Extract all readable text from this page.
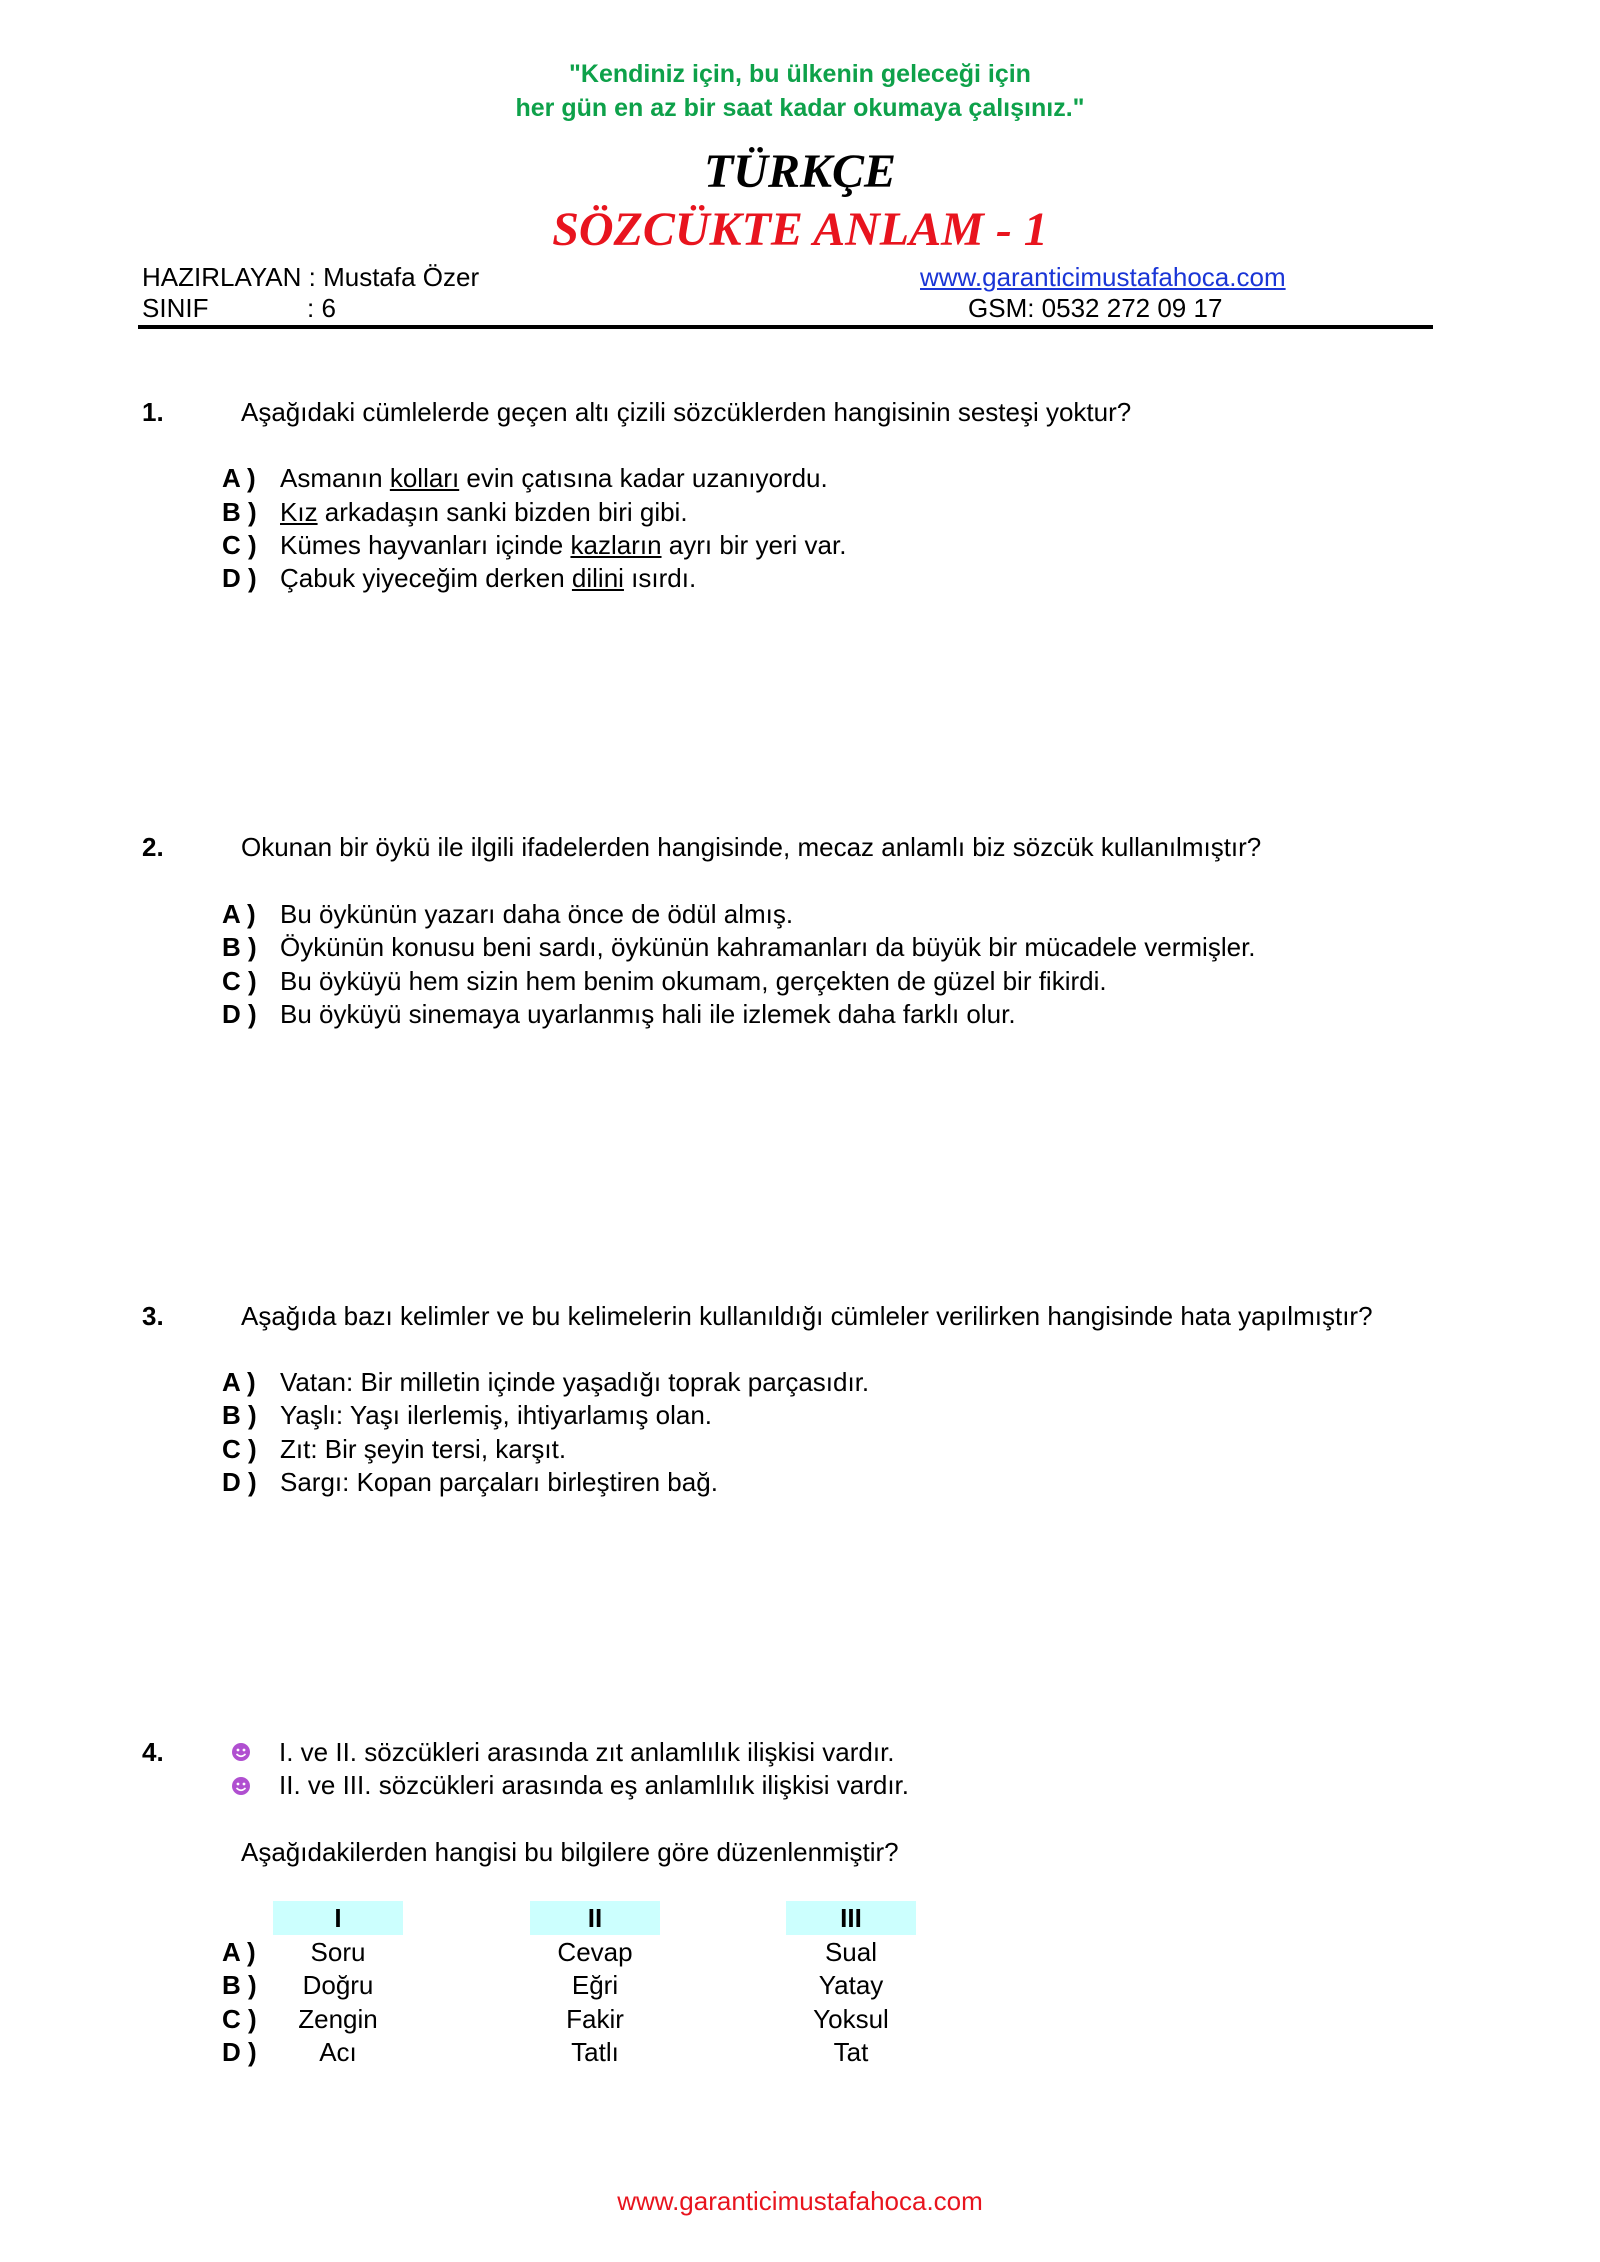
"Kendiniz için, bu ülkenin geleceği için
her gün en az bir saat kadar okumaya çalışınız."
TÜRKÇE
SÖZCÜKTE ANLAM - 1
HAZIRLAYAN : Mustafa Özer
SINIF	: 6
www.garanticimustafahoca.com
GSM: 0532 272 09 17
1.	Aşağıdaki cümlelerde geçen altı çizili sözcüklerden hangisinin sesteşi yoktur?
A ) Asmanın kolları evin çatısına kadar uzanıyordu.
B ) Kız arkadaşın sanki bizden biri gibi.
C ) Kümes hayvanları içinde kazların ayrı bir yeri var.
D ) Çabuk yiyeceğim derken dilini ısırdı.
2.	Okunan bir öykü ile ilgili ifadelerden hangisinde, mecaz anlamlı biz sözcük kullanılmıştır?
A ) Bu öykünün yazarı daha önce de ödül almış.
B ) Öykünün konusu beni sardı, öykünün kahramanları da büyük bir mücadele vermişler.
C ) Bu öyküyü hem sizin hem benim okumam, gerçekten de güzel bir fikirdi.
D ) Bu öyküyü sinemaya uyarlanmış hali ile izlemek daha farklı olur.
3.	Aşağıda bazı kelimler ve bu kelimelerin kullanıldığı cümleler verilirken hangisinde hata yapılmıştır?
A ) Vatan: Bir milletin içinde yaşadığı toprak parçasıdır.
B ) Yaşlı: Yaşı ilerlemiş, ihtiyarlamış olan.
C ) Zıt: Bir şeyin tersi, karşıt.
D ) Sargı: Kopan parçaları birleştiren bağ.
4.	I. ve II. sözcükleri arasında zıt anlamlılık ilişkisi vardır.
II. ve III. sözcükleri arasında eş anlamlılık ilişkisi vardır.
Aşağıdakilerden hangisi bu bilgilere göre düzenlenmiştir?
I	II	III
A )	Soru	Cevap	Sual
B )	Doğru	Eğri	Yatay
C )	Zengin	Fakir	Yoksul
D )	Acı	Tatlı	Tat
www.garanticimustafahoca.com
